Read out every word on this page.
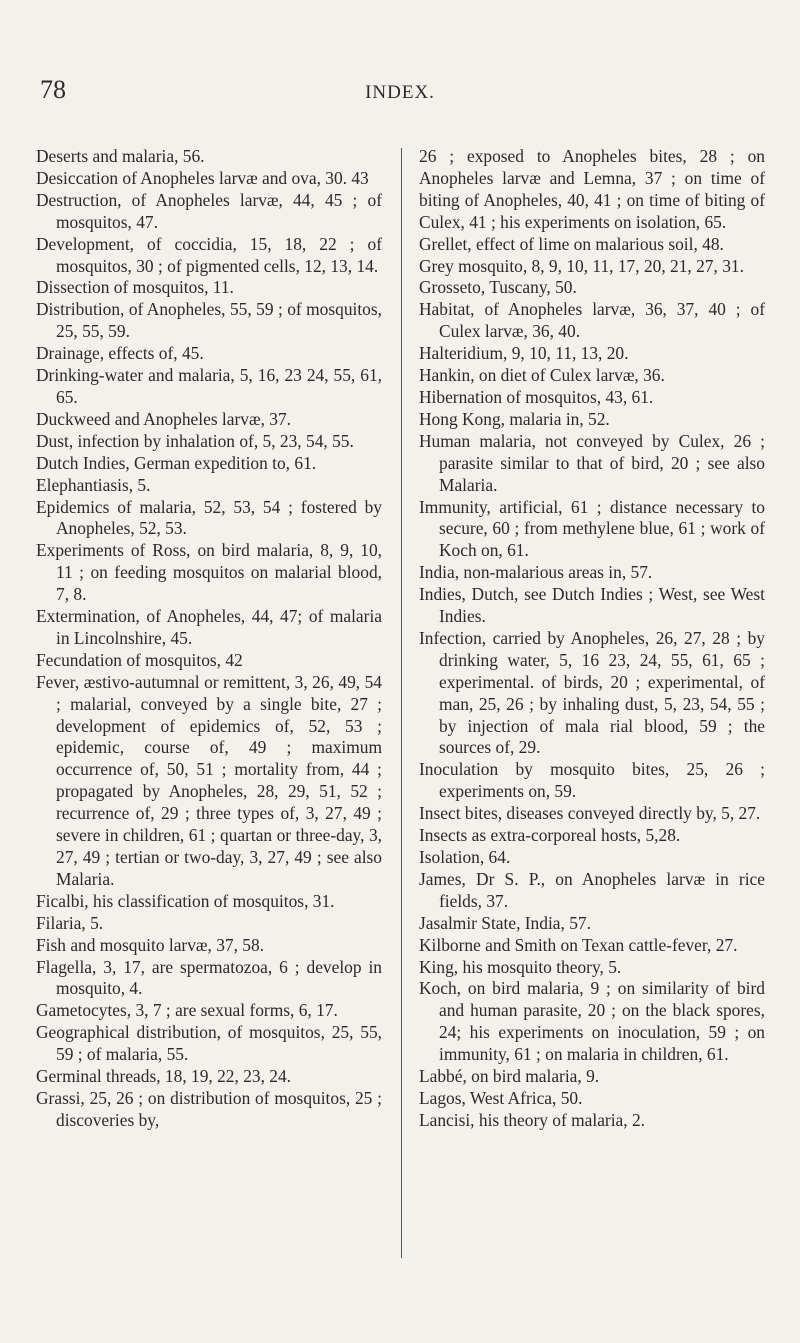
78	INDEX.
Deserts and malaria, 56.
Desiccation of Anopheles larvæ and ova, 30. 43
Destruction, of Anopheles larvæ, 44, 45 ; of mosquitos, 47.
Development, of coccidia, 15, 18, 22 ; of mosquitos, 30 ; of pigmented cells, 12, 13, 14.
Dissection of mosquitos, 11.
Distribution, of Anopheles, 55, 59 ; of mosquitos, 25, 55, 59.
Drainage, effects of, 45.
Drinking-water and malaria, 5, 16, 23 24, 55, 61, 65.
Duckweed and Anopheles larvæ, 37.
Dust, infection by inhalation of, 5, 23, 54, 55.
Dutch Indies, German expedition to, 61.
Elephantiasis, 5.
Epidemics of malaria, 52, 53, 54 ; fostered by Anopheles, 52, 53.
Experiments of Ross, on bird malaria, 8, 9, 10, 11 ; on feeding mosquitos on malarial blood, 7, 8.
Extermination, of Anopheles, 44, 47; of malaria in Lincolnshire, 45.
Fecundation of mosquitos, 42
Fever, æstivo-autumnal or remittent, 3, 26, 49, 54 ; malarial, conveyed by a single bite, 27 ; development of epidemics of, 52, 53 ; epidemic, course of, 49 ; maximum occurrence of, 50, 51 ; mortality from, 44 ; propagated by Anopheles, 28, 29, 51, 52 ; recurrence of, 29 ; three types of, 3, 27, 49 ; severe in children, 61 ; quartan or three-day, 3, 27, 49 ; tertian or two-day, 3, 27, 49 ; see also Malaria.
Ficalbi, his classification of mosquitos, 31.
Filaria, 5.
Fish and mosquito larvæ, 37, 58.
Flagella, 3, 17, are spermatozoa, 6 ; develop in mosquito, 4.
Gametocytes, 3, 7 ; are sexual forms, 6, 17.
Geographical distribution, of mosquitos, 25, 55, 59 ; of malaria, 55.
Germinal threads, 18, 19, 22, 23, 24.
Grassi, 25, 26 ; on distribution of mosquitos, 25 ; discoveries by,
26 ; exposed to Anopheles bites, 28 ; on Anopheles larvæ and Lemna, 37 ; on time of biting of Anopheles, 40, 41 ; on time of biting of Culex, 41 ; his experiments on isolation, 65.
Grellet, effect of lime on malarious soil, 48.
Grey mosquito, 8, 9, 10, 11, 17, 20, 21, 27, 31.
Grosseto, Tuscany, 50.
Habitat, of Anopheles larvæ, 36, 37, 40 ; of Culex larvæ, 36, 40.
Halteridium, 9, 10, 11, 13, 20.
Hankin, on diet of Culex larvæ, 36.
Hibernation of mosquitos, 43, 61.
Hong Kong, malaria in, 52.
Human malaria, not conveyed by Culex, 26 ; parasite similar to that of bird, 20 ; see also Malaria.
Immunity, artificial, 61 ; distance necessary to secure, 60 ; from methylene blue, 61 ; work of Koch on, 61.
India, non-malarious areas in, 57.
Indies, Dutch, see Dutch Indies ; West, see West Indies.
Infection, carried by Anopheles, 26, 27, 28 ; by drinking water, 5, 16 23, 24, 55, 61, 65 ; experimental. of birds, 20 ; experimental, of man, 25, 26 ; by inhaling dust, 5, 23, 54, 55 ; by injection of mala rial blood, 59 ; the sources of, 29.
Inoculation by mosquito bites, 25, 26 ; experiments on, 59.
Insect bites, diseases conveyed directly by, 5, 27.
Insects as extra-corporeal hosts, 5,28.
Isolation, 64.
James, Dr S. P., on Anopheles larvæ in rice fields, 37.
Jasalmir State, India, 57.
Kilborne and Smith on Texan cattle-fever, 27.
King, his mosquito theory, 5.
Koch, on bird malaria, 9 ; on similarity of bird and human parasite, 20 ; on the black spores, 24; his experiments on inoculation, 59 ; on immunity, 61 ; on malaria in children, 61.
Labbé, on bird malaria, 9.
Lagos, West Africa, 50.
Lancisi, his theory of malaria, 2.
